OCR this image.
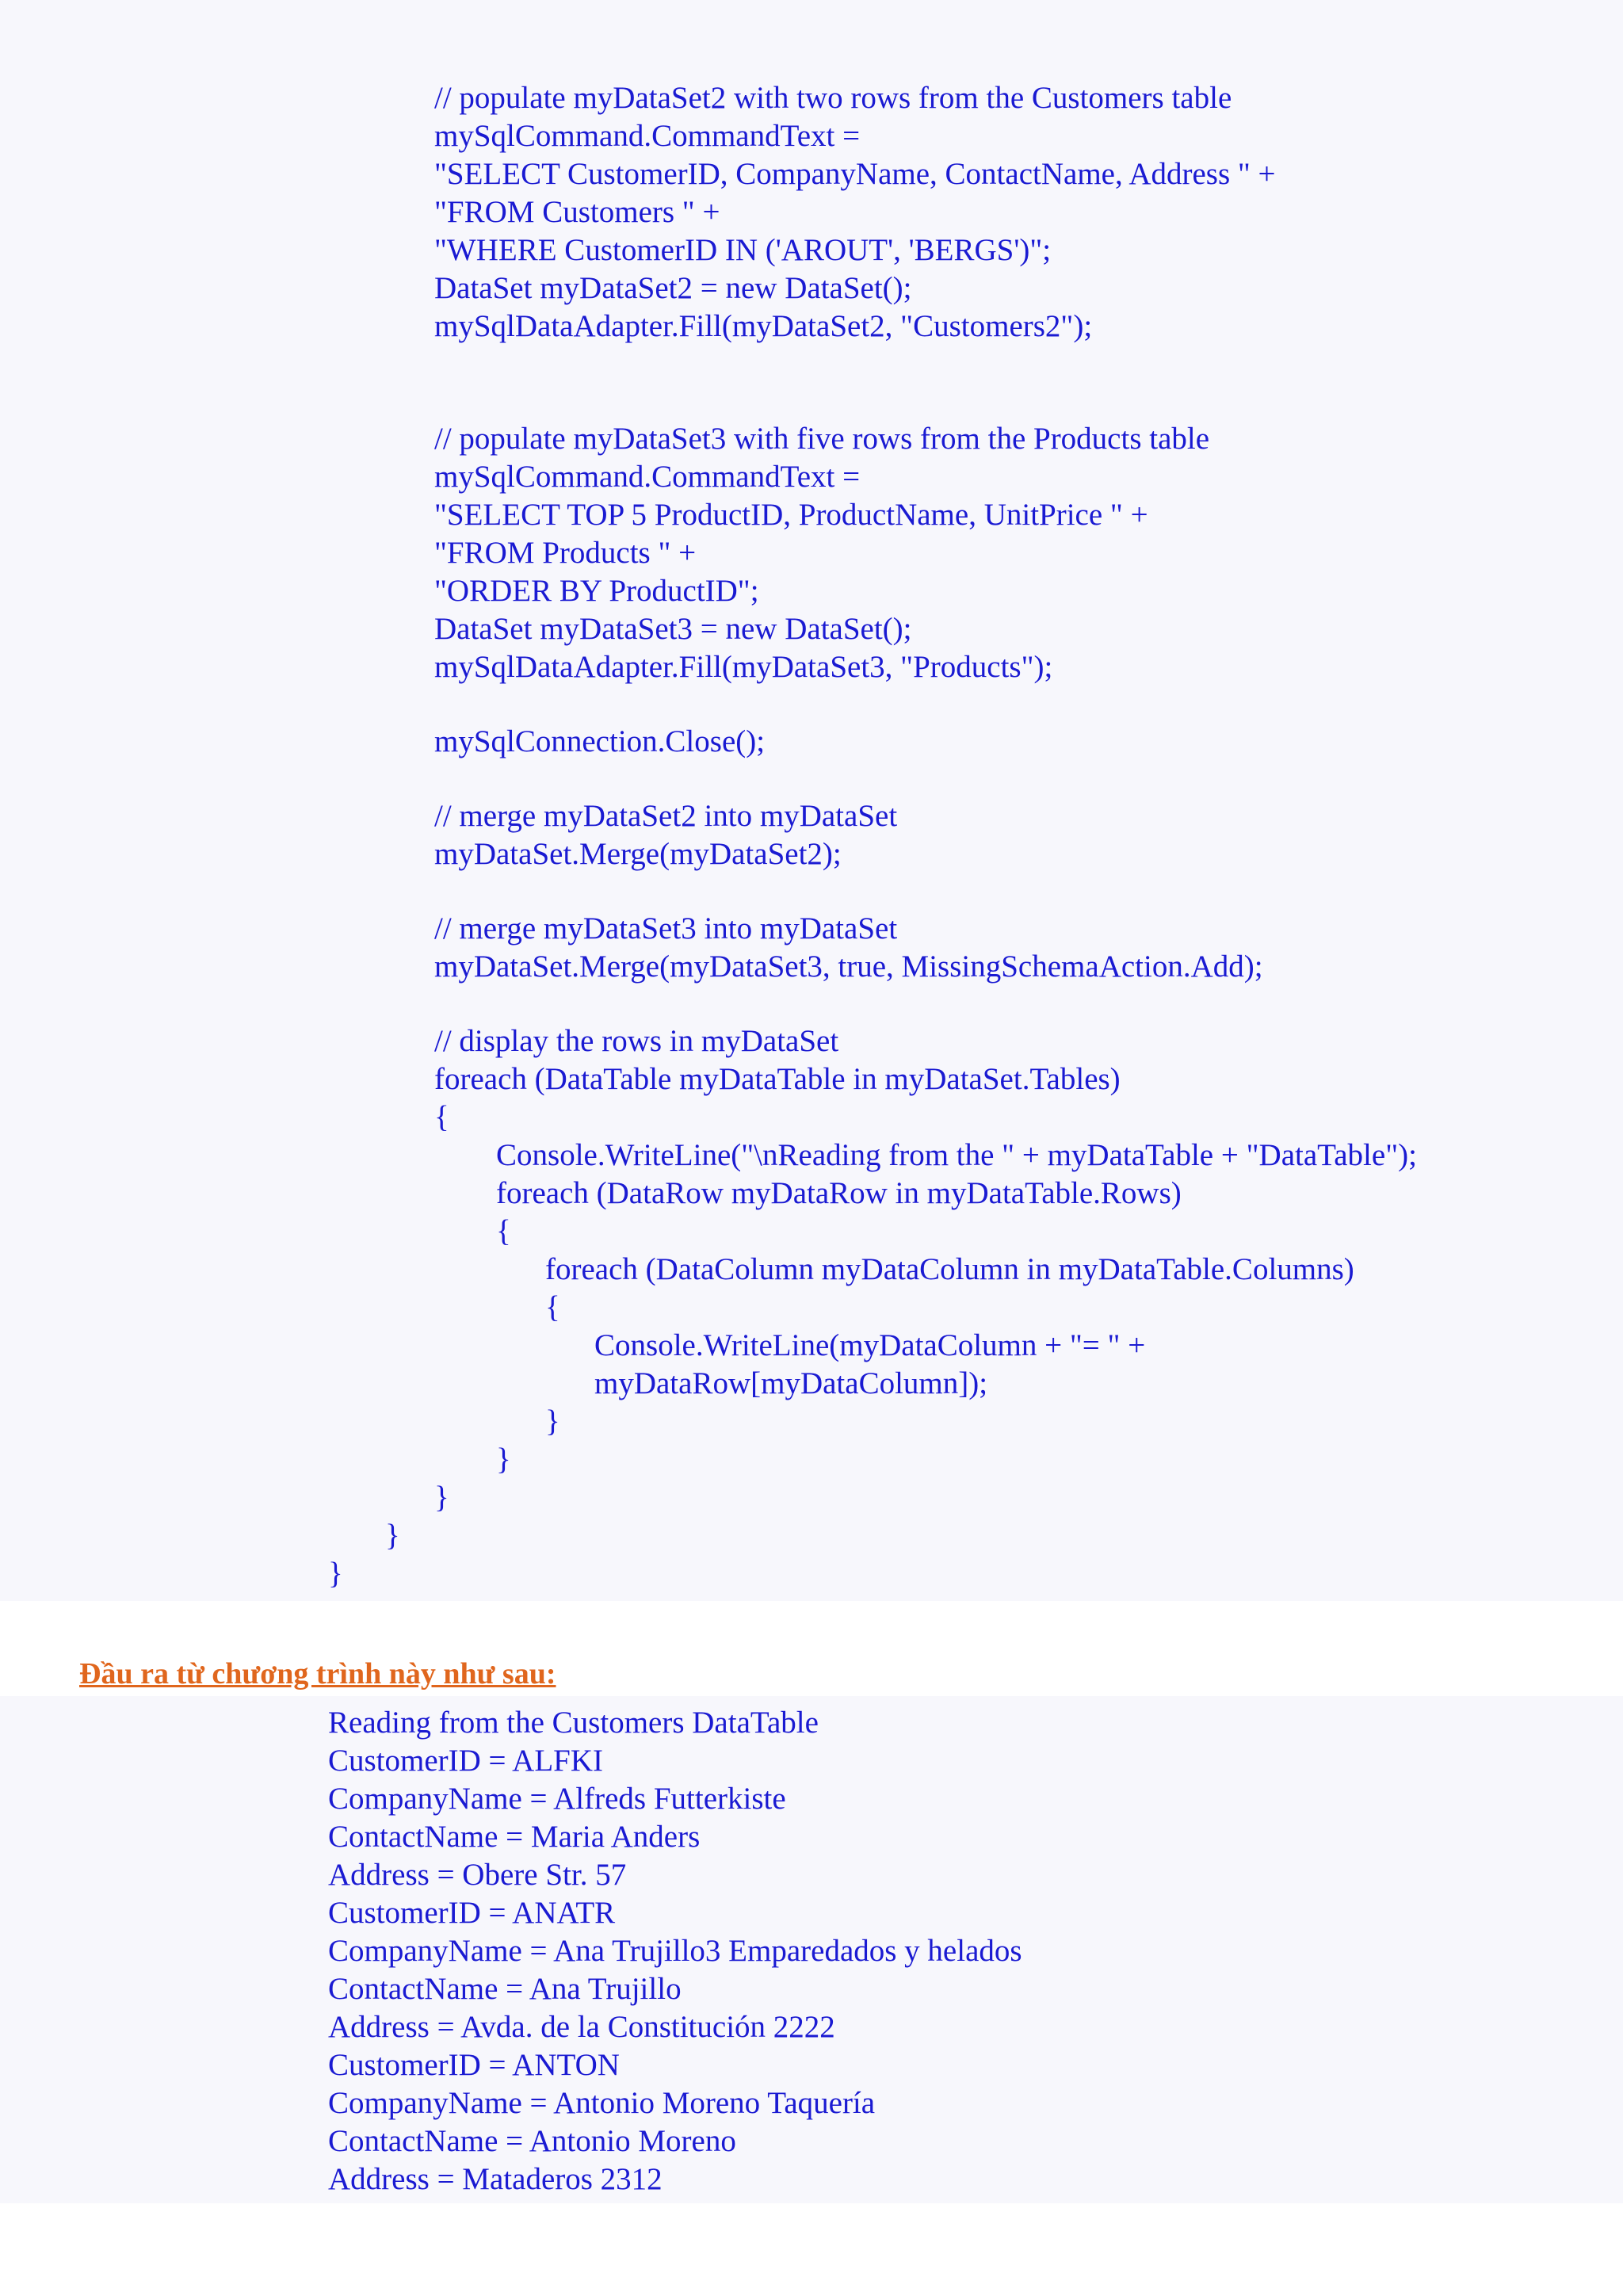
// populate myDataSet2 with two rows from the Customers table
mySqlCommand.CommandText =
"SELECT CustomerID, CompanyName, ContactName, Address " +
"FROM Customers " +
"WHERE CustomerID IN ('AROUT', 'BERGS')";
DataSet myDataSet2 = new DataSet();
mySqlDataAdapter.Fill(myDataSet2, "Customers2");
// populate myDataSet3 with five rows from the Products table
mySqlCommand.CommandText =
"SELECT TOP 5 ProductID, ProductName, UnitPrice " +
"FROM Products " +
"ORDER BY ProductID";
DataSet myDataSet3 = new DataSet();
mySqlDataAdapter.Fill(myDataSet3, "Products");
mySqlConnection.Close();
// merge myDataSet2 into myDataSet
myDataSet.Merge(myDataSet2);
// merge myDataSet3 into myDataSet
myDataSet.Merge(myDataSet3, true, MissingSchemaAction.Add);
// display the rows in myDataSet
foreach (DataTable myDataTable in myDataSet.Tables)
{
Console.WriteLine("\nReading from the " + myDataTable + "DataTable");
foreach (DataRow myDataRow in myDataTable.Rows)
{
foreach (DataColumn myDataColumn in myDataTable.Columns)
{
Console.WriteLine(myDataColumn + "= " +
myDataRow[myDataColumn]);
}
}
}
}
}
Đầu ra từ chương trình này như sau:
Reading from the Customers DataTable
CustomerID = ALFKI
CompanyName = Alfreds Futterkiste
ContactName = Maria Anders
Address = Obere Str. 57
CustomerID = ANATR
CompanyName = Ana Trujillo3 Emparedados y helados
ContactName = Ana Trujillo
Address = Avda. de la Constitución 2222
CustomerID = ANTON
CompanyName = Antonio Moreno Taquería
ContactName = Antonio Moreno
Address = Mataderos 2312
